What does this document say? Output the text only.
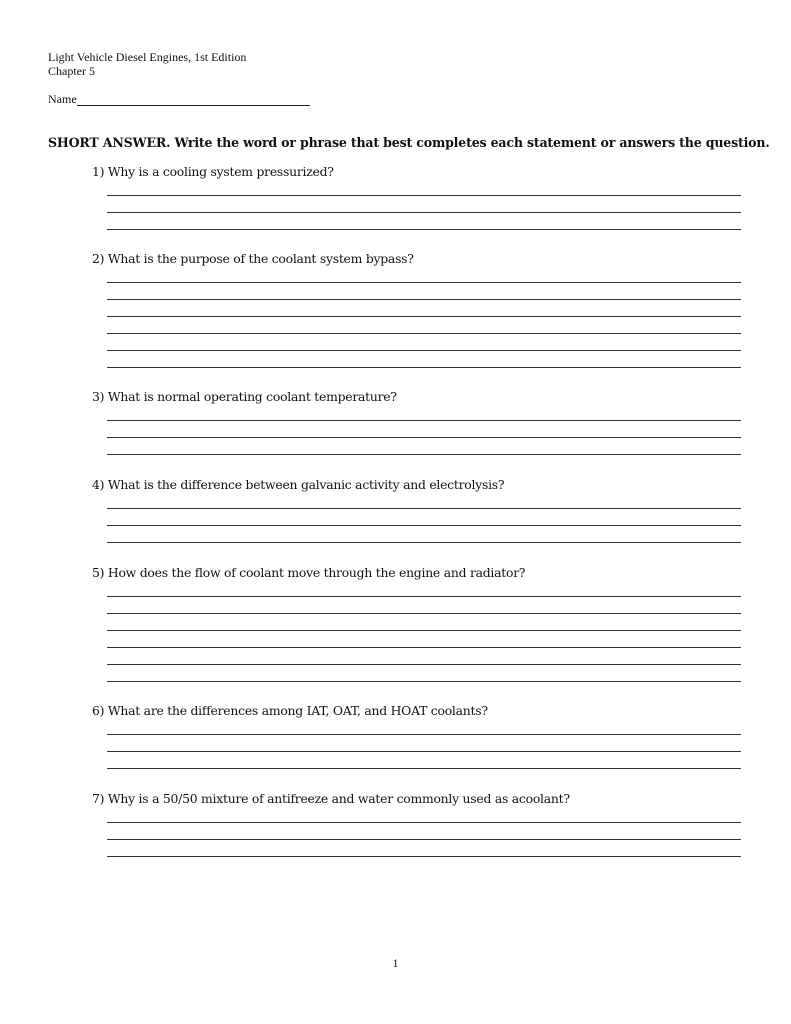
Light Vehicle Diesel Engines, 1st Edition
Chapter 5
Name
SHORT ANSWER. Write the word or phrase that best completes each statement or answers the question.
1) Why is a cooling system pressurized?
2) What is the purpose of the coolant system bypass?
3) What is normal operating coolant temperature?
4) What is the difference between galvanic activity and electrolysis?
5) How does the flow of coolant move through the engine and radiator?
6) What are the differences among IAT, OAT, and HOAT coolants?
7) Why is a 50/50 mixture of antifreeze and water commonly used as acoolant?
1
